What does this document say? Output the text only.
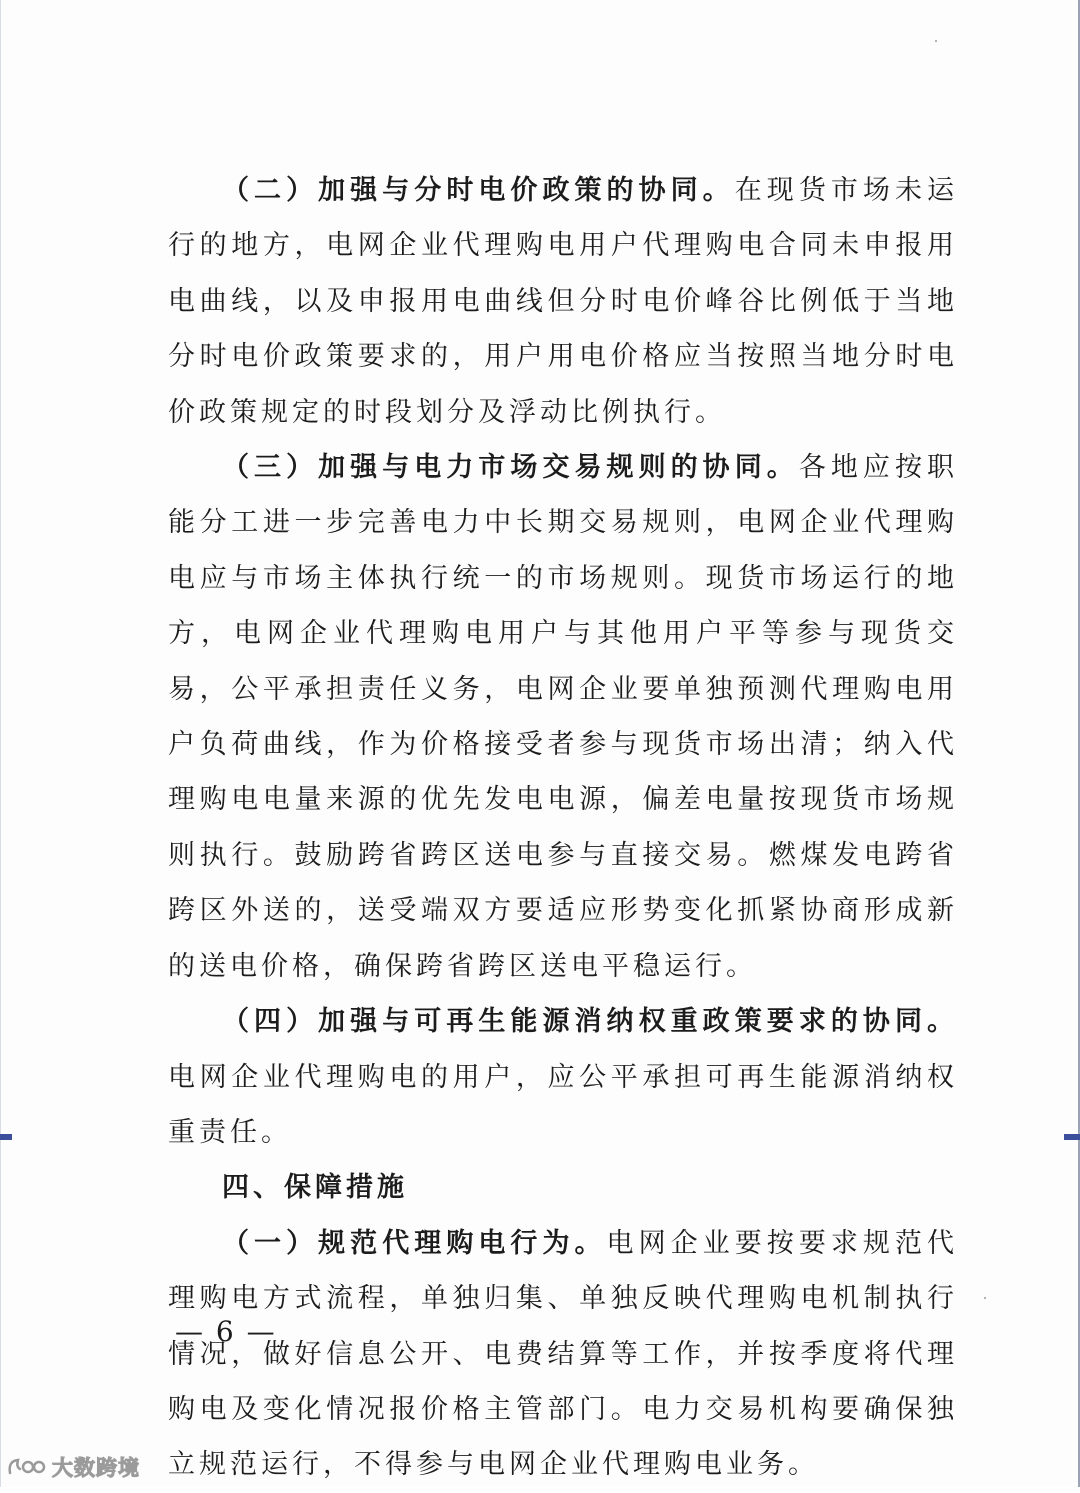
（二）加强与分时电价政策的协同。在现货市场未运行的地方，电网企业代理购电用户代理购电合同未申报用电曲线，以及申报用电曲线但分时电价峰谷比例低于当地分时电价政策要求的，用户用电价格应当按照当地分时电价政策规定的时段划分及浮动比例执行。

（三）加强与电力市场交易规则的协同。各地应按职能分工进一步完善电力中长期交易规则，电网企业代理购电应与市场主体执行统一的市场规则。现货市场运行的地方，电网企业代理购电用户与其他用户平等参与现货交易，公平承担责任义务，电网企业要单独预测代理购电用户负荷曲线，作为价格接受者参与现货市场出清；纳入代理购电电量来源的优先发电电源，偏差电量按现货市场规则执行。鼓励跨省跨区送电参与直接交易。燃煤发电跨省跨区外送的，送受端双方要适应形势变化抓紧协商形成新的送电价格，确保跨省跨区送电平稳运行。

（四）加强与可再生能源消纳权重政策要求的协同。电网企业代理购电的用户，应公平承担可再生能源消纳权重责任。

四、保障措施

（一）规范代理购电行为。电网企业要按要求规范代理购电方式流程，单独归集、单独反映代理购电机制执行情况，做好信息公开、电费结算等工作，并按季度将代理购电及变化情况报价格主管部门。电力交易机构要确保独立规范运行，不得参与电网企业代理购电业务。

— 6 —
大数跨境
